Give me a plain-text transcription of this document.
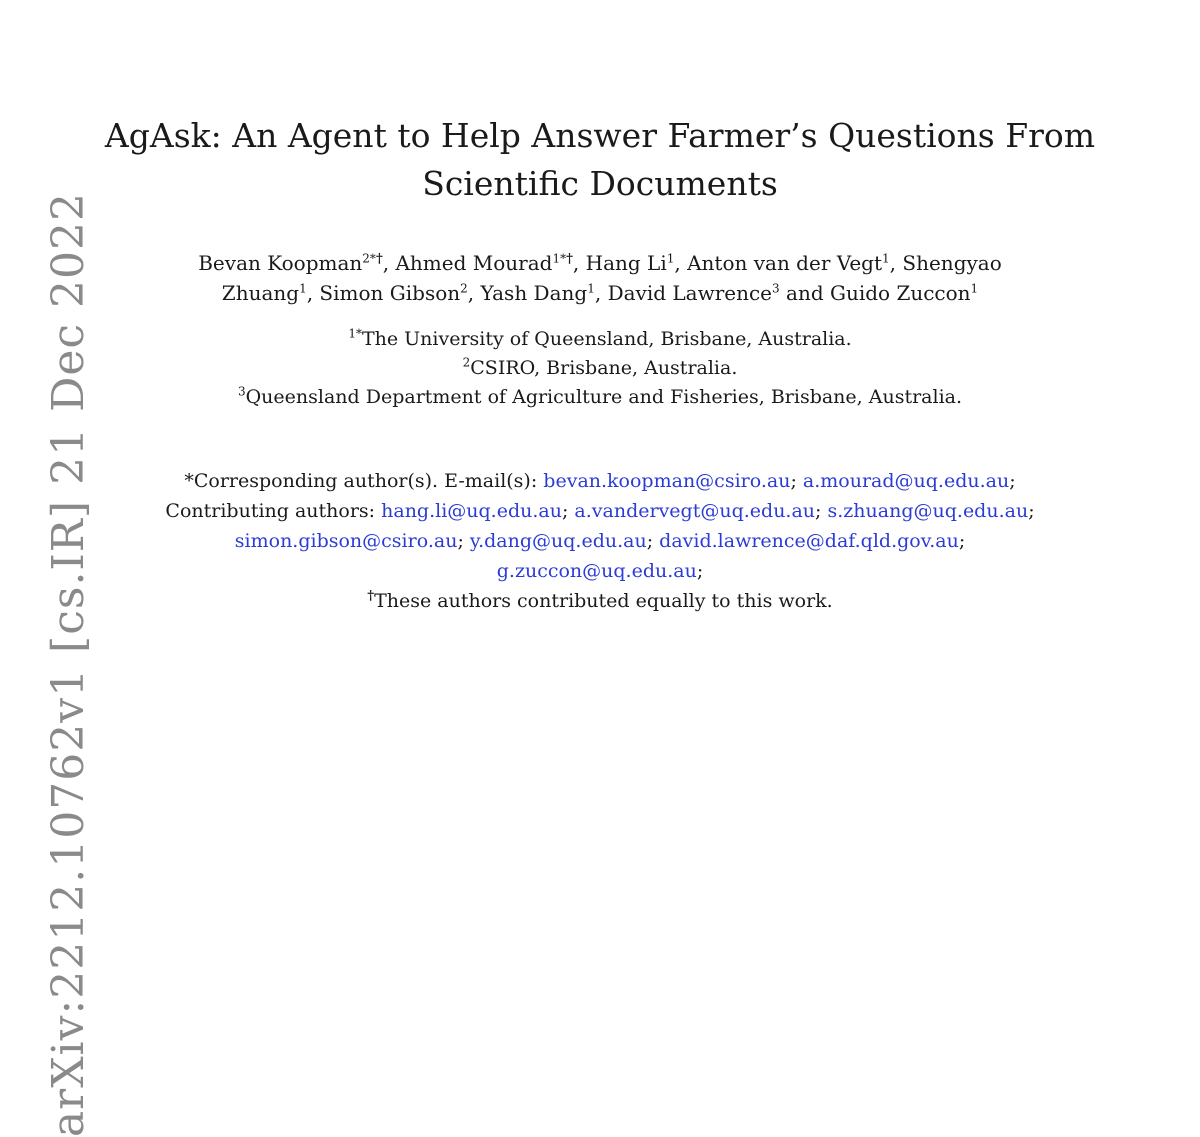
arXiv:2212.10762v1 [cs.IR] 21 Dec 2022
AgAsk: An Agent to Help Answer Farmer’s Questions From
Scientific Documents
Bevan Koopman$^{2*\dagger}$, Ahmed Mourad$^{1*\dagger}$, Hang Li$^1$, Anton van der Vegt$^1$, Shengyao
Zhuang$^1$, Simon Gibson$^2$, Yash Dang$^1$, David Lawrence$^3$ and Guido Zuccon$^1$
$^{1*}$The University of Queensland, Brisbane, Australia.
$^2$CSIRO, Brisbane, Australia.
$^3$Queensland Department of Agriculture and Fisheries, Brisbane, Australia.
*Corresponding author(s). E-mail(s): bevan.koopman@csiro.au; a.mourad@uq.edu.au;
Contributing authors: hang.li@uq.edu.au; a.vandervegt@uq.edu.au; s.zhuang@uq.edu.au;
simon.gibson@csiro.au; y.dang@uq.edu.au; david.lawrence@daf.qld.gov.au;
g.zuccon@uq.edu.au;
†These authors contributed equally to this work.
